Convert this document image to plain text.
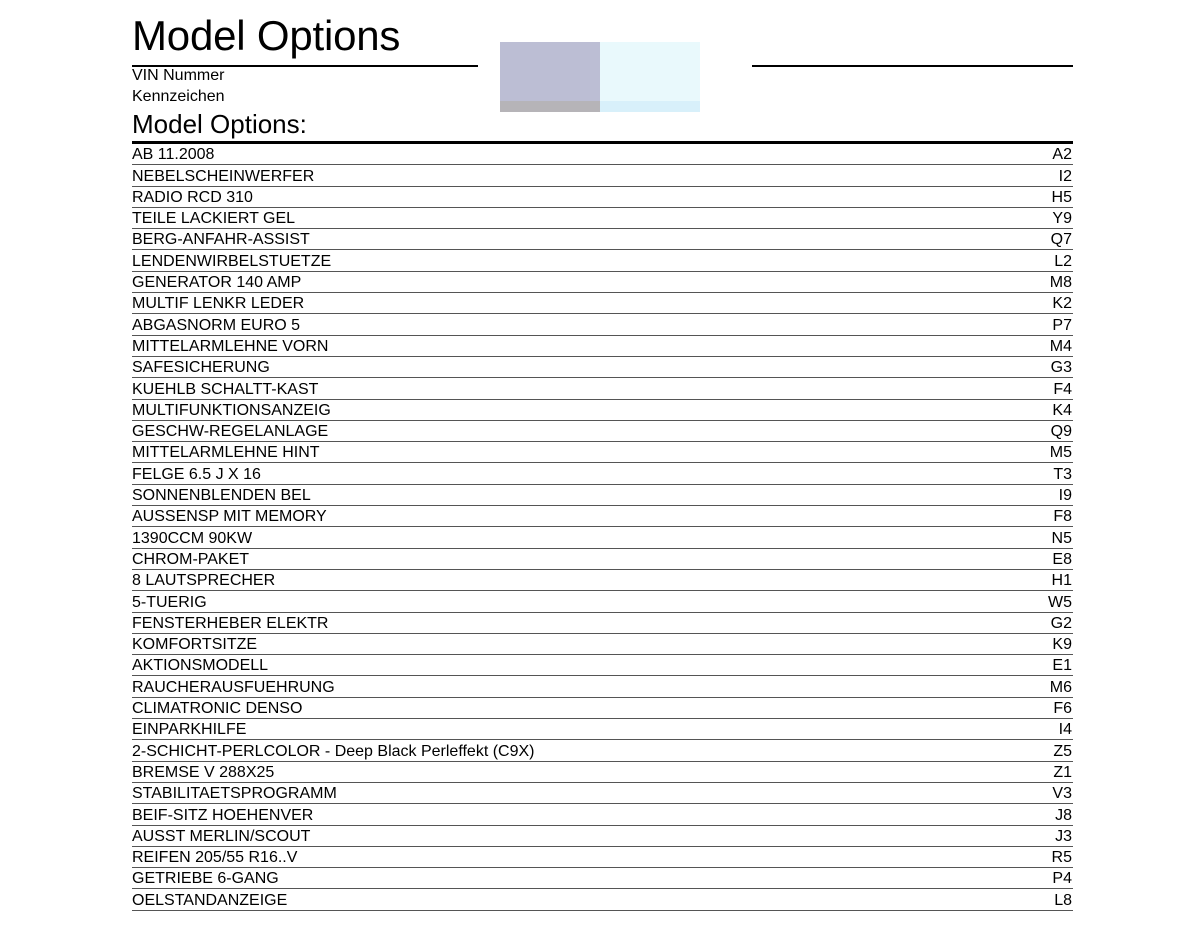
Model Options
VIN Nummer
Kennzeichen
Model Options:
AB 11.2008	A2
NEBELSCHEINWERFER	I2
RADIO RCD 310	H5
TEILE LACKIERT GEL	Y9
BERG-ANFAHR-ASSIST	Q7
LENDENWIRBELSTUETZE	L2
GENERATOR 140 AMP	M8
MULTIF LENKR LEDER	K2
ABGASNORM EURO 5	P7
MITTELARMLEHNE VORN	M4
SAFESICHERUNG	G3
KUEHLB SCHALTT-KAST	F4
MULTIFUNKTIONSANZEIG	K4
GESCHW-REGELANLAGE	Q9
MITTELARMLEHNE HINT	M5
FELGE 6.5 J X 16	T3
SONNENBLENDEN BEL	I9
AUSSENSP MIT MEMORY	F8
1390CCM 90KW	N5
CHROM-PAKET	E8
8 LAUTSPRECHER	H1
5-TUERIG	W5
FENSTERHEBER ELEKTR	G2
KOMFORTSITZE	K9
AKTIONSMODELL	E1
RAUCHERAUSFUEHRUNG	M6
CLIMATRONIC DENSO	F6
EINPARKHILFE	I4
2-SCHICHT-PERLCOLOR - Deep Black Perleffekt (C9X)	Z5
BREMSE V 288X25	Z1
STABILITAETSPROGRAMM	V3
BEIF-SITZ HOEHENVER	J8
AUSST MERLIN/SCOUT	J3
REIFEN 205/55 R16..V	R5
GETRIEBE 6-GANG	P4
OELSTANDANZEIGE	L8
